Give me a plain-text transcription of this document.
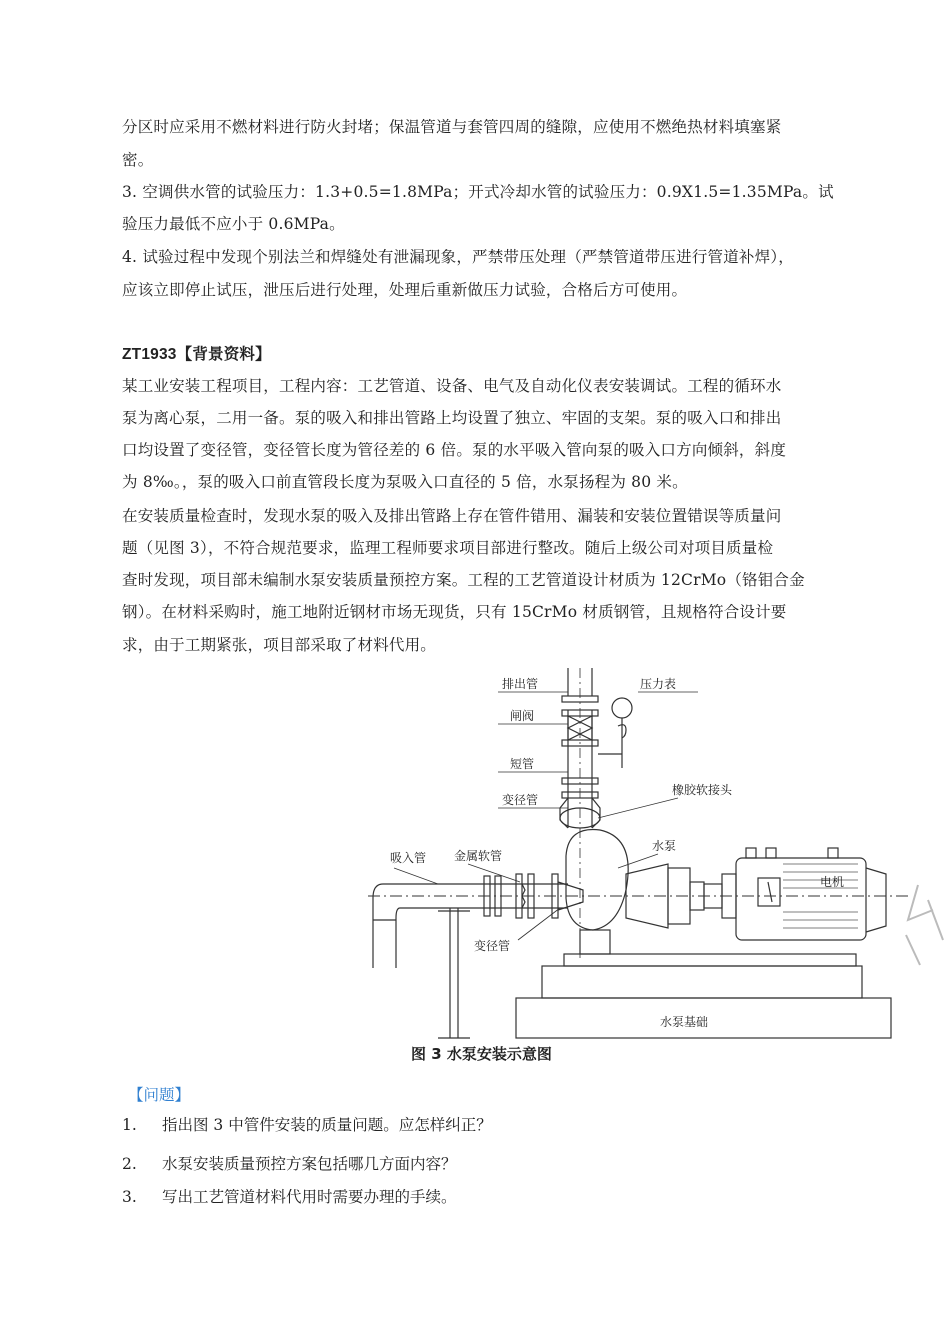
分区时应采用不燃材料进行防火封堵；保温管道与套管四周的缝隙，应使用不燃绝热材料填塞紧
密。
3. 空调供水管的试验压力：1.3+0.5=1.8MPa；开式冷却水管的试验压力：0.9X1.5=1.35MPa。试
验压力最低不应小于 0.6MPa。
4. 试验过程中发现个别法兰和焊缝处有泄漏现象，严禁带压处理（严禁管道带压进行管道补焊），
应该立即停止试压，泄压后进行处理，处理后重新做压力试验，合格后方可使用。
ZT1933【背景资料】
某工业安装工程项目，工程内容：工艺管道、设备、电气及自动化仪表安装调试。工程的循环水
泵为离心泵，二用一备。泵的吸入和排出管路上均设置了独立、牢固的支架。泵的吸入口和排出
口均设置了变径管，变径管长度为管径差的 6 倍。泵的水平吸入管向泵的吸入口方向倾斜，斜度
为 8‰。，泵的吸入口前直管段长度为泵吸入口直径的 5 倍，水泵扬程为 80 米。
在安装质量检查时，发现水泵的吸入及排出管路上存在管件错用、漏装和安装位置错误等质量问
题（见图 3），不符合规范要求，监理工程师要求项目部进行整改。随后上级公司对项目质量检
查时发现，项目部未编制水泵安装质量预控方案。工程的工艺管道设计材质为 12CrMo（铬钼合金
钢）。在材料采购时，施工地附近钢材市场无现货，只有 15CrMo 材质钢管，且规格符合设计要
求，由于工期紧张，项目部采取了材料代用。
排出管
闸阀
短管
变径管
压力表
橡胶软接头
吸入管 金属软管
水泵
电机
变径管
水泵基础
图 3 水泵安装示意图
【问题】
1. 指出图 3 中管件安装的质量问题。应怎样纠正？
2. 水泵安装质量预控方案包括哪几方面内容？
3. 写出工艺管道材料代用时需要办理的手续。
